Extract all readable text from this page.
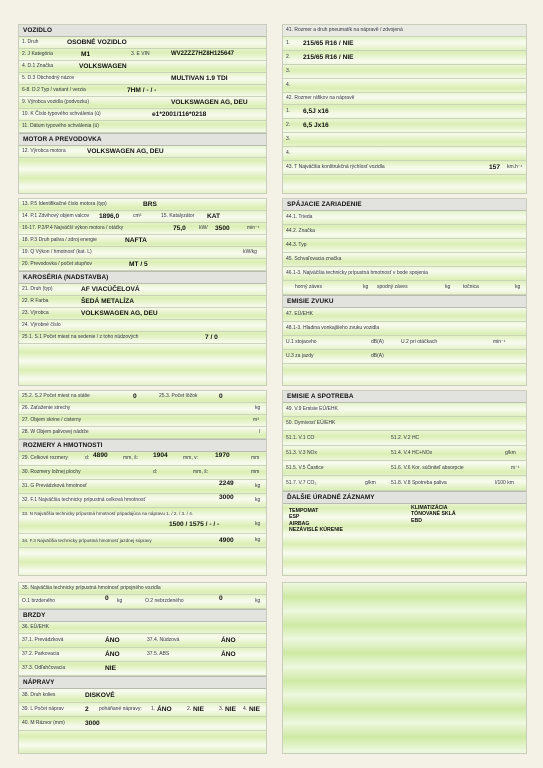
VOZIDLO
1. Druh	OSOBNÉ VOZIDLO
2. J Kategória	M1	3. E VIN	WV2ZZZ7HZ8H125647
4. D.1 Značka	VOLKSWAGEN
5. D.3 Obchodný názov	MULTIVAN 1.9 TDI
6-8. D.2 Typ / variant / verzia	7HM / - / -
9. Výrobca vozidla (podvozku)	VOLKSWAGEN AG, DEU
10. K Číslo typového schválenia (ú)	e1*2001/116*0218
11. Dátum typového schválenia (ú)
MOTOR A PREVODOVKA
12. Výrobca motora	VOLKSWAGEN AG, DEU
13. P.5 Identifikačné číslo motora (typ)	BRS
14. P.1 Zdvihový objem valcov 1896,0	cm³	15. Katalyzátor KAT
16-17. P.2/P.4 Najväčší výkon motora / otáčky	75,0	kW/ 3500	min⁻¹
18. P.3 Druh paliva / zdroj energie	NAFTA
19. Q Výkon / hmotnosť (kat. L)	kW/kg
20. Prevodovka / počet stupňov	MT / 5
KAROSÉRIA (NADSTAVBA)
21. Druh (typ)	AF VIACÚČELOVÁ
22. R Farba	ŠEDÁ METALÍZA
23. Výrobca	VOLKSWAGEN AG, DEU
24. Výrobné číslo
25.1. S.1 Počet miest na sedenie / z toho núdzových	7 / 0
25.2. S.2 Počet miest na státie	0	25.3. Počet lôžok	0
26. Zaťaženie strechy	kg
27. Objem skrine / cisterny	m³
28. W Objem palivovej nádrže	l
ROZMERY A HMOTNOSTI
29. Celkové rozmery	d: 4890	mm, š: 1904	mm, v:	1970	mm
30. Rozmery ložnej plochy	d:	mm, š:	mm
31. G Prevádzková hmotnosť	2249	kg
32. F.1 Najväčšia technicky prípustná celková hmotnosť	3000	kg
33. N Najväčšia technicky prípustná hmotnosť pripadajúca na nápravu 1. / 2. / 3. / 4.
1500 / 1575 / - / -	kg
34. F.3 Najväčšia technicky prípustná hmotnosť jazdnej súpravy	4900	kg
35. Najväčšia technicky prípustná hmotnosť pripojného vozidla
O.1 brzdeného	0 kg	O.2 nebrzdeného	0	kg
BRZDY
36. EÚ/EHK
37.1. Prevádzková	ÁNO	37.4. Núdzová	ÁNO
37.2. Parkovacia	ÁNO	37.5. ABS	ÁNO
37.3. Odľahčovacia	NIE
NÁPRAVY
38. Druh kolies	DISKOVÉ
39. L Počet náprav	2 poháňané nápravy: 1. ÁNO	2. NIE	3. NIE 4. NIE
40. M Rázvor (mm)	3000
41. Rozmer a druh pneumatík na nápravě / zdvojená
1. 215/65 R16 / NIE
2. 215/65 R16 / NIE
3.
4.
42. Rozmer ráfikov na nápravě
1. 6,5J x16
2. 6,5 Jx16
3.
4.
43. T Najväčšia konštrukčná rýchlosť vozidla	157 km.h⁻¹
SPÁJACIE ZARIADENIE
44.1. Trieda
44.2. Značka
44.3. Typ
45. Schvaľovacia značka
46.1-3. Najväčšia technicky prípustná hmotnosť v bode spojenia
horný záves	kg spodný záves	kg	točnica	kg
EMISIE ZVUKU
47. EÚ/EHK
48.1-3. Hladina vonkajšieho zvuku vozidla
U.1 stojaceho	dB(A)	U.2 pri otáčkach	min⁻¹
U.3 za jazdy	dB(A)
EMISIE A SPOTREBA
49. V.9 Emisie EÚ/EHK
50. Dymivosť EÚ/EHK
51.1. V.1 CO	51.2. V.2 HC
51.3. V.3 NOx	51.4. V.4 HC+NOx	g/km
51.5. V.5 Častice	51.6. V.6 Kor. súčiniteľ absorpcie	m⁻¹
51.7. V.7 CO₂	g/km	51.8. V.8 Spotreba paliva	l/100 km
ĎALŠIE ÚRADNÉ ZÁZNAMY
TEMPOMAT
ESP
AIRBAG
NEZÁVISLÉ KÚRENIE
KLIMATIZÁCIA
TÓNOVANÉ SKLÁ
EBD
